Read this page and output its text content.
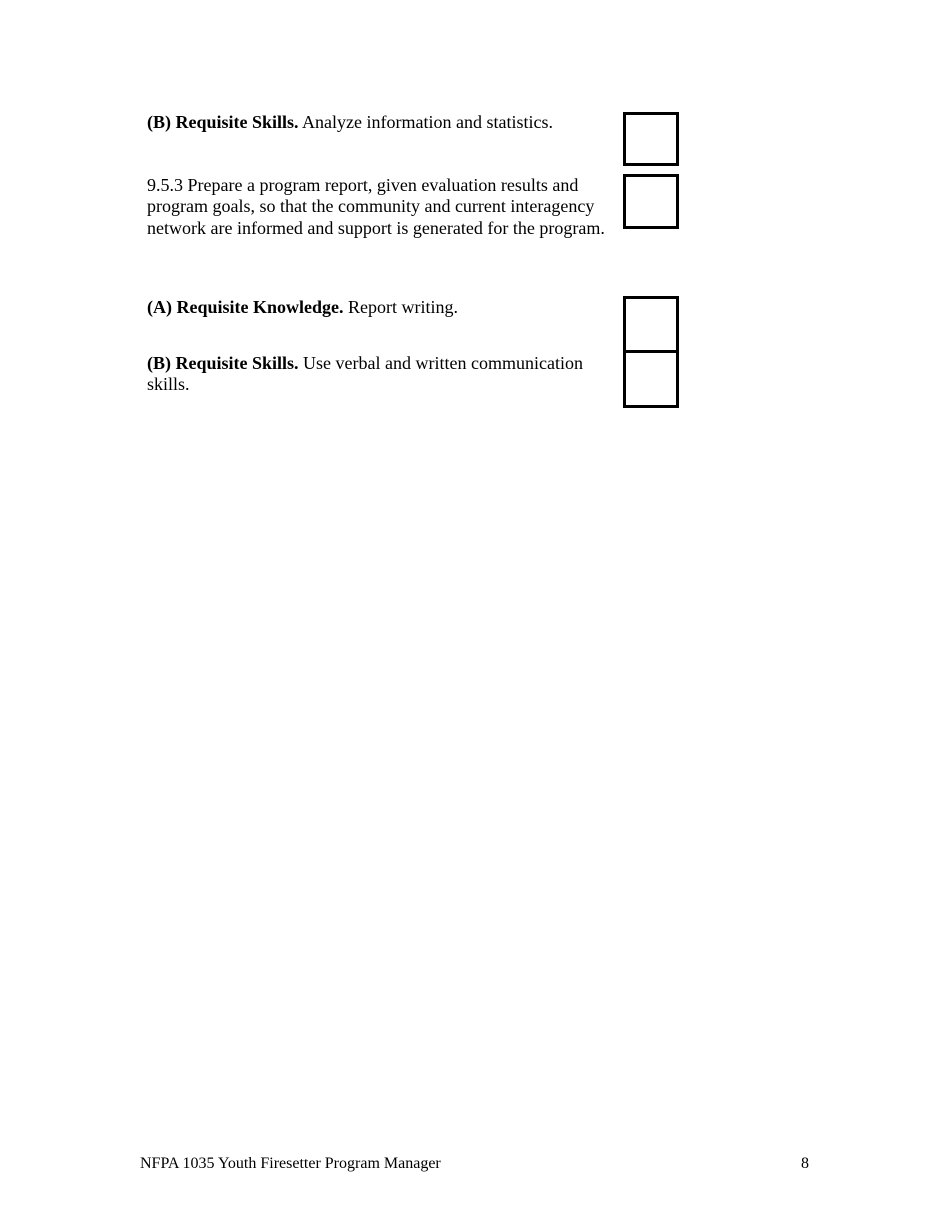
(B) Requisite Skills. Analyze information and statistics.
9.5.3 Prepare a program report, given evaluation results and program goals, so that the community and current interagency network are informed and support is generated for the program.
(A) Requisite Knowledge. Report writing.
(B) Requisite Skills. Use verbal and written communication skills.
NFPA 1035 Youth Firesetter Program Manager	8
